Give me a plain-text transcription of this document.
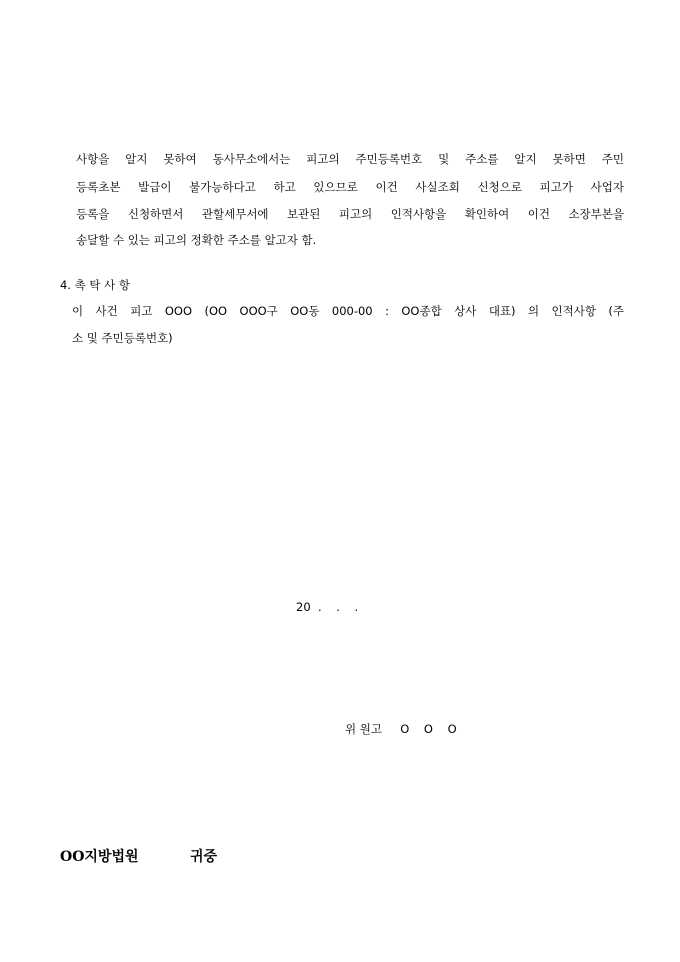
사항을 알지 못하여 동사무소에서는 피고의 주민등록번호 및 주소를 알지 못하면 주민
등록초본 발급이 불가능하다고 하고 있으므로 이건 사실조회 신청으로 피고가 사업자
등록을 신청하면서 관할세무서에 보관된 피고의 인적사항을 확인하여 이건 소장부본을
송달할 수 있는 피고의 정확한 주소를 알고자 함.
4. 촉 탁 사 항
이 사건 피고 OOO (OO OOO구 OO동 000-00 : OO종합 상사 대표) 의 인적사항 (주
소 및 주민등록번호)
20  .    .    .
위 원고     O    O    O
OO지방법원	귀중
